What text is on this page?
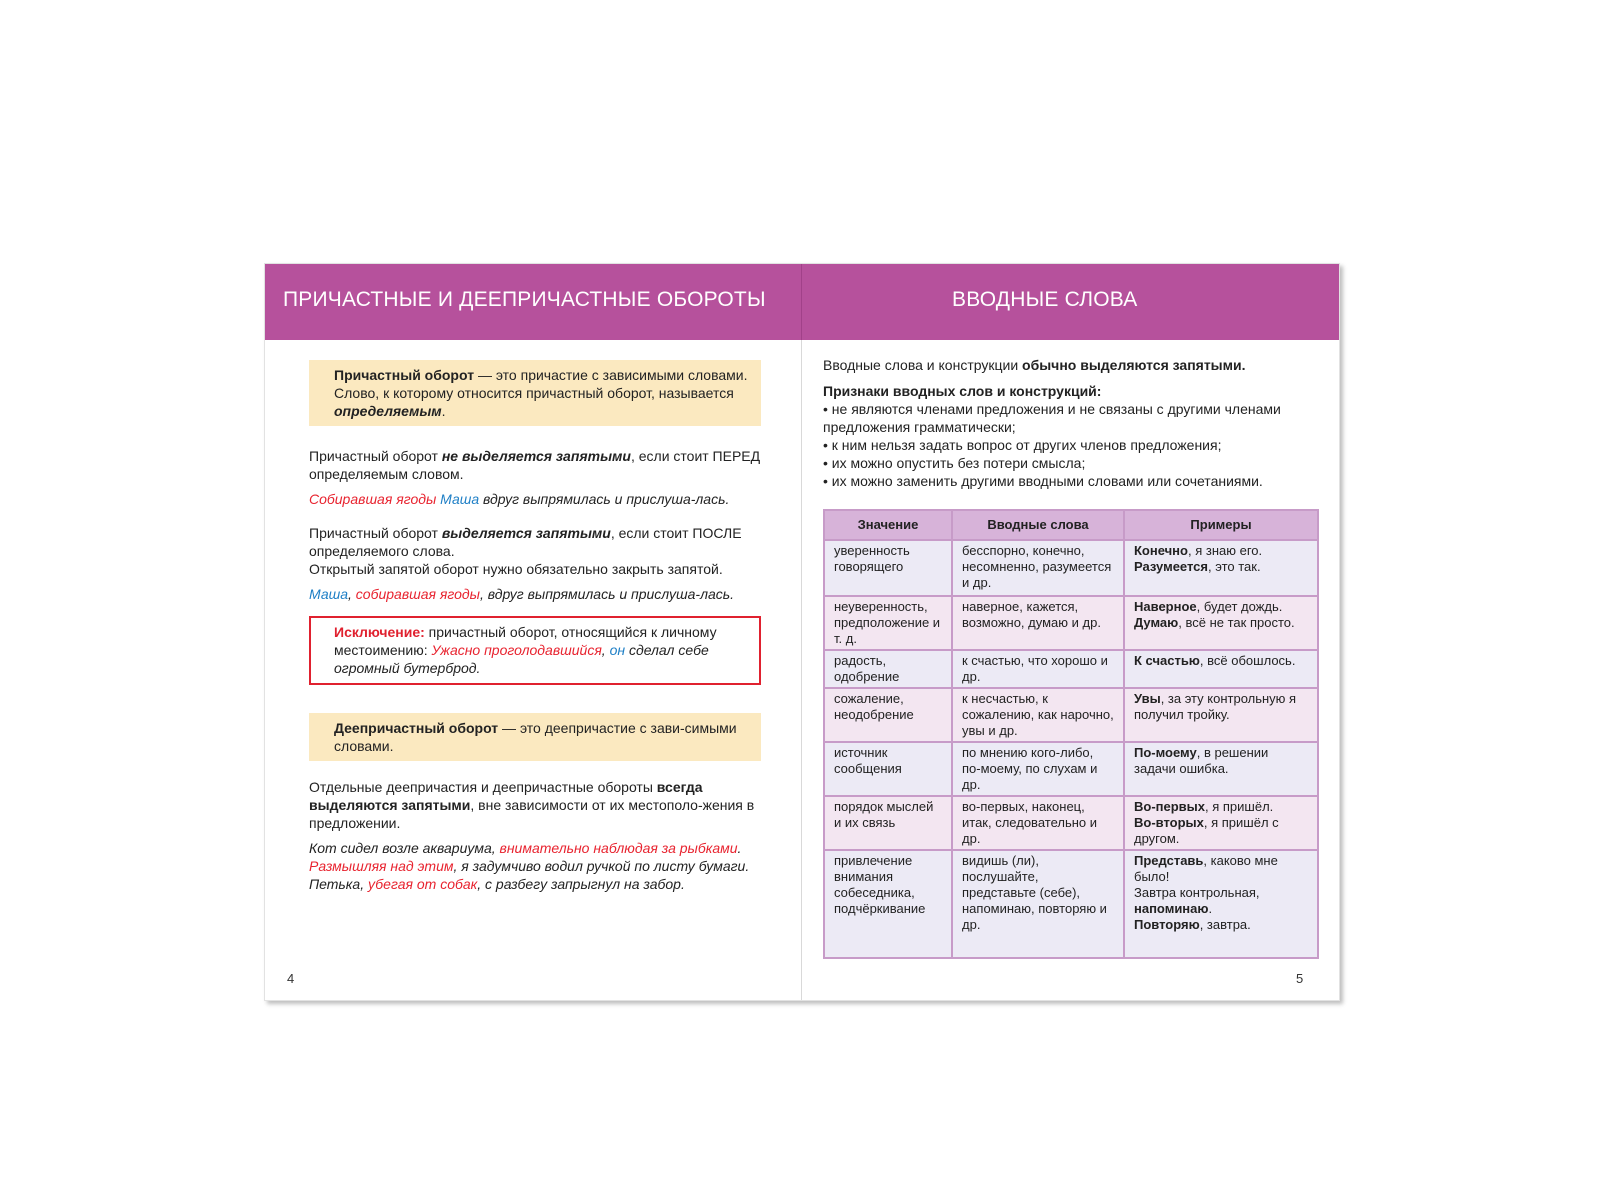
ПРИЧАСТНЫЕ И ДЕЕПРИЧАСТНЫЕ ОБОРОТЫ	ВВОДНЫЕ СЛОВА

Причастный оборот — это причастие с зависимыми словами. Слово, к которому относится причастный оборот, называется определяемым.

Причастный оборот не выделяется запятыми, если стоит ПЕРЕД определяемым словом.

Собиравшая ягоды Маша вдруг выпрямилась и прислуша-лась.

Причастный оборот выделяется запятыми, если стоит ПОСЛЕ определяемого слова.
Открытый запятой оборот нужно обязательно закрыть запятой.

Маша, собиравшая ягоды, вдруг выпрямилась и прислуша-лась.

Исключение: причастный оборот, относящийся к личному местоимению: Ужасно проголодавшийся, он сделал себе огромный бутерброд.

Деепричастный оборот — это деепричастие с зави-симыми словами.

Отдельные деепричастия и деепричастные обороты всегда выделяются запятыми, вне зависимости от их местополо-жения в предложении.

Кот сидел возле аквариума, внимательно наблюдая за рыбками.
Размышляя над этим, я задумчиво водил ручкой по листу бумаги.
Петька, убегая от собак, с разбегу запрыгнул на забор.

4

Вводные слова и конструкции обычно выделяются запятыми.

Признаки вводных слов и конструкций:

• не являются членами предложения и не связаны с другими членами предложения грамматически;

• к ним нельзя задать вопрос от других членов предложения;

• их можно опустить без потери смысла;

• их можно заменить другими вводными словами или сочетаниями.

Значение	Вводные слова	Примеры
уверенность говорящего	бесспорно, конечно, несомненно, разумеется и др.	Конечно, я знаю его.
Разумеется, это так.
неуверенность, предположение и т. д.	наверное, кажется, возможно, думаю и др.	Наверное, будет дождь.
Думаю, всё не так просто.
радость, одобрение	к счастью, что хорошо и др.	К счастью, всё обошлось.
сожаление, неодобрение	к несчастью, к сожалению, как нарочно, увы и др.	Увы, за эту контрольную я получил тройку.
источник сообщения	по мнению кого-либо, по-моему, по слухам и др.	По-моему, в решении задачи ошибка.
порядок мыслей и их связь	во-первых, наконец, итак, следовательно и др.	Во-первых, я пришёл.
Во-вторых, я пришёл с другом.
привлечение внимания собеседника, подчёркивание	видишь (ли), послушайте, представьте (себе), напоминаю, повторяю и др.	Представь, каково мне было!
Завтра контрольная, напоминаю.
Повторяю, завтра.
5
